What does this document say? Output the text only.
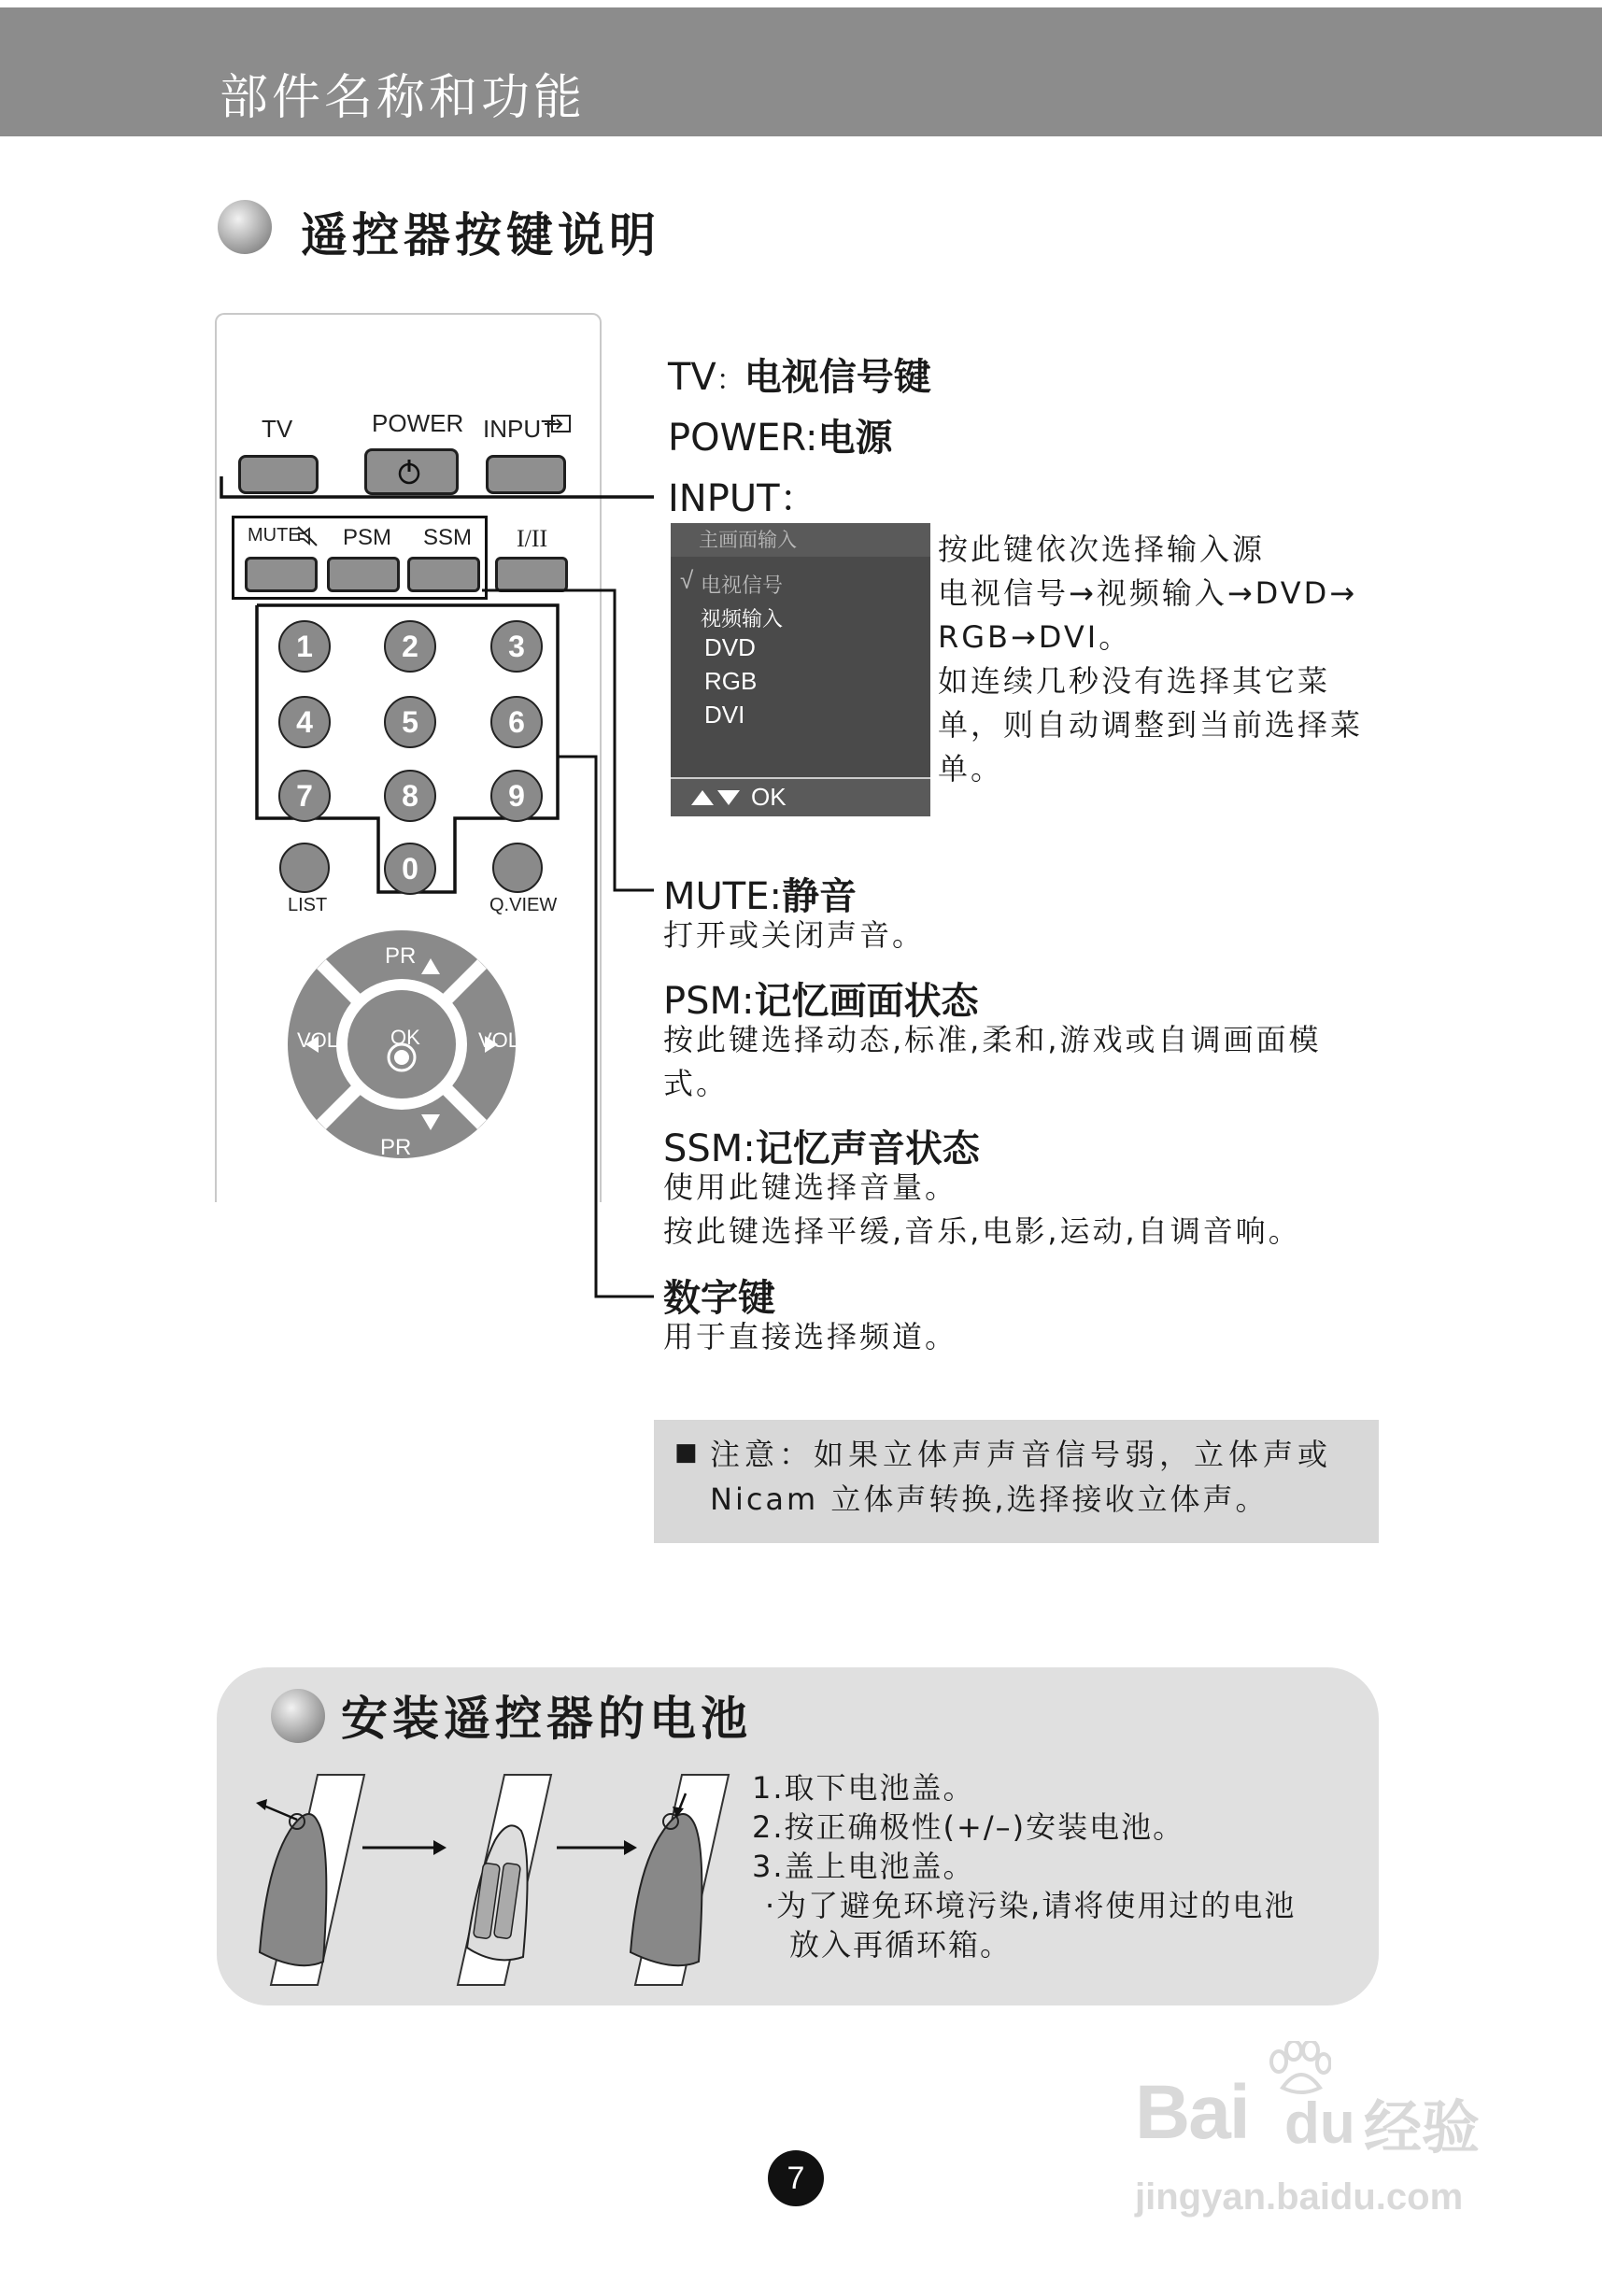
部件名称和功能
遥控器按键说明
TV	POWER INPUT
MUTE PSM SSM I/II
1	2	3
4	5	6
7	8	9
0
LIST	Q.VIEW
PR
PR
VOL	VOL
OK
TV：电视信号键
POWER:电源
INPUT：
主画面输入
√ 电视信号
视频输入
DVD
RGB
DVI
OK
按此键依次选择输入源
电视信号→视频输入→DVD→
RGB→DVI。
如连续几秒没有选择其它菜
单，则自动调整到当前选择菜
单。
MUTE:静音
打开或关闭声音。
PSM:记忆画面状态
按此键选择动态,标准,柔和,游戏或自调画面模
式。
SSM:记忆声音状态
使用此键选择音量。
按此键选择平缓,音乐,电影,运动,自调音响。
数字键
用于直接选择频道。
■ 注意：如果立体声声音信号弱，立体声或
Nicam 立体声转换,选择接收立体声。
安装遥控器的电池
1.取下电池盖。
2.按正确极性(+/–)安装电池。
3.盖上电池盖。
·为了避免环境污染,请将使用过的电池
放入再循环箱。
7
Bai du 经验
jingyan.baidu.com
